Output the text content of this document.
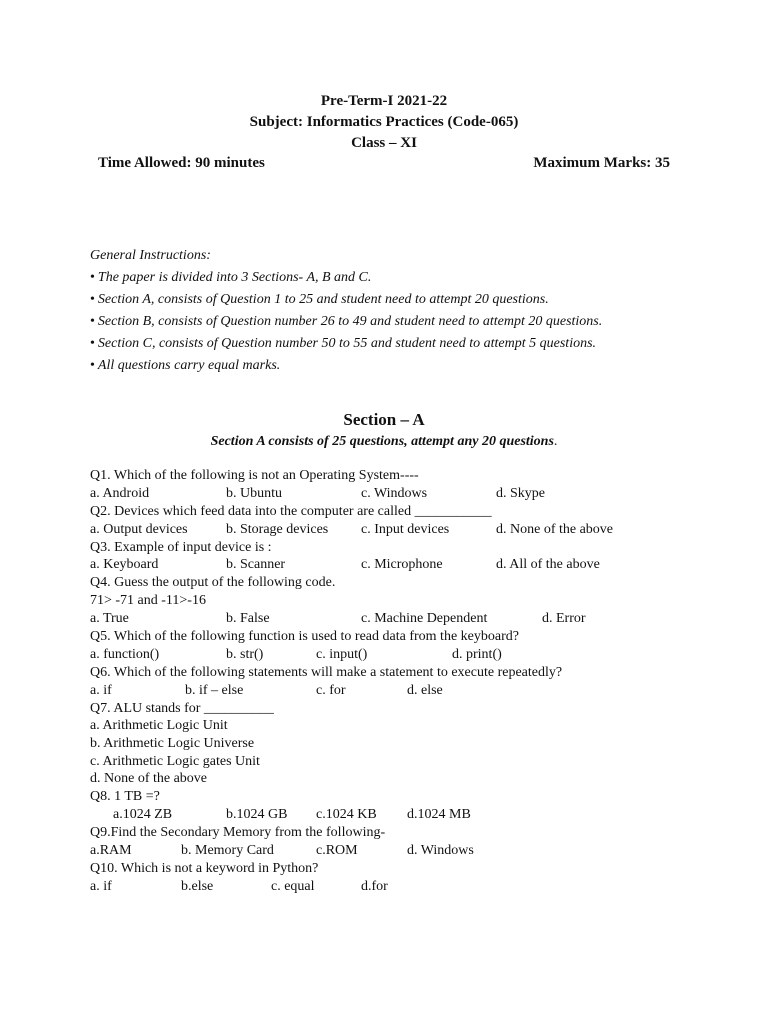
Pre-Term-I 2021-22
Subject: Informatics Practices (Code-065)
Class – XI
Time Allowed: 90 minutes	Maximum Marks: 35
General Instructions:
• The paper is divided into 3 Sections- A, B and C.
• Section A, consists of Question 1 to 25 and student need to attempt 20 questions.
• Section B, consists of Question number 26 to 49 and student need to attempt 20 questions.
• Section C, consists of Question number 50 to 55 and student need to attempt 5 questions.
• All questions carry equal marks.
Section – A
Section A consists of 25 questions, attempt any 20 questions.
Q1. Which of the following is not an Operating System----
a. Android	b. Ubuntu	c. Windows	d. Skype
Q2. Devices which feed data into the computer are called ___________
a. Output devices	b. Storage devices c. Input devices	d. None of the above
Q3. Example of input device is :
a. Keyboard	b. Scanner	c. Microphone	d. All of the above
Q4. Guess the output of the following code.
71> -71 and -11>-16
a. True	b. False	c. Machine Dependent	d. Error
Q5. Which of the following function is used to read data from the keyboard?
a. function()	b. str()	c. input()	d. print()
Q6. Which of the following statements will make a statement to execute repeatedly?
a. if	b. if – else	c. for	d. else
Q7. ALU stands for __________
a. Arithmetic Logic Unit
b. Arithmetic Logic Universe
c. Arithmetic Logic gates Unit
d. None of the above
Q8. 1 TB =?
a.1024 ZB	b.1024 GB c.1024 KB d.1024 MB
Q9.Find the Secondary Memory from the following-
a.RAM	b. Memory Card	c.ROM	d. Windows
Q10. Which is not a keyword in Python?
a. if	b.else	c. equal	d.for
